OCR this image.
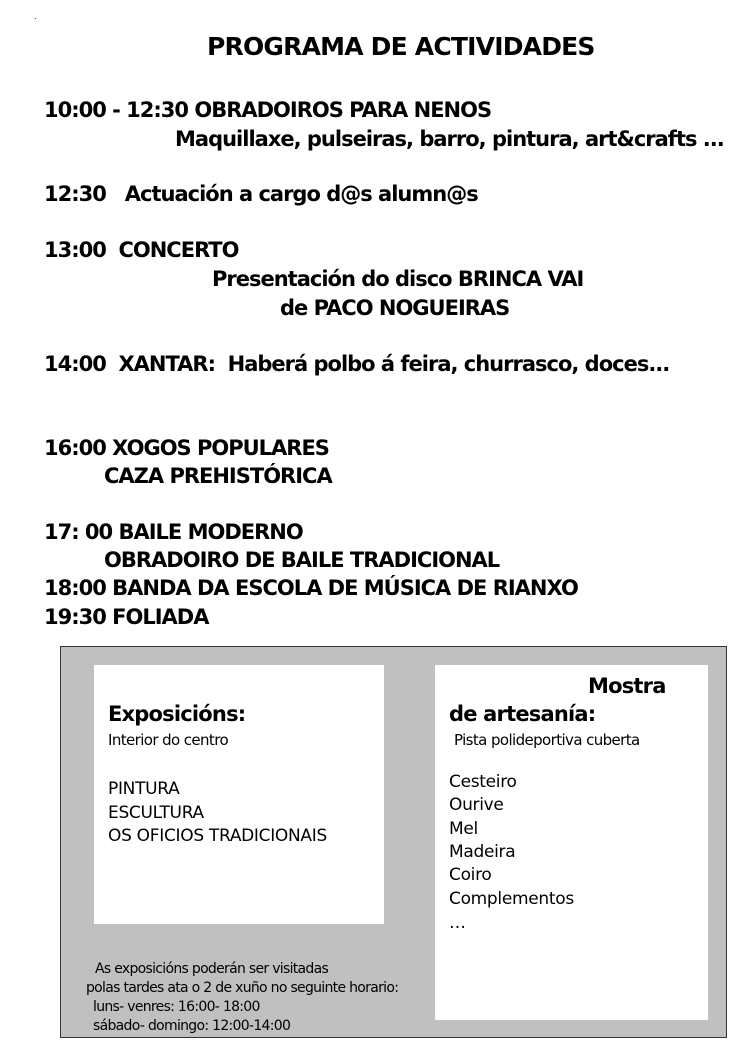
.
PROGRAMA DE ACTIVIDADES
10:00 - 12:30 OBRADOIROS PARA NENOS
Maquillaxe, pulseiras, barro, pintura, art&crafts ...
12:30   Actuación a cargo d@s alumn@s
13:00  CONCERTO
Presentación do disco BRINCA VAI
de PACO NOGUEIRAS
14:00  XANTAR:  Haberá polbo á feira, churrasco, doces...
16:00 XOGOS POPULARES
CAZA PREHISTÓRICA
17: 00 BAILE MODERNO
OBRADOIRO DE BAILE TRADICIONAL
18:00 BANDA DA ESCOLA DE MÚSICA DE RIANXO
19:30 FOLIADA
Exposicións:
Interior do centro
PINTURA
ESCULTURA
OS OFICIOS TRADICIONAIS
Mostra
de artesanía:
Pista polideportiva cuberta
Cesteiro
Ourive
Mel
Madeira
Coiro
Complementos
…
As exposicións poderán ser visitadas
polas tardes ata o 2 de xuño no seguinte horario:
luns- venres: 16:00- 18:00
sábado- domingo: 12:00-14:00
